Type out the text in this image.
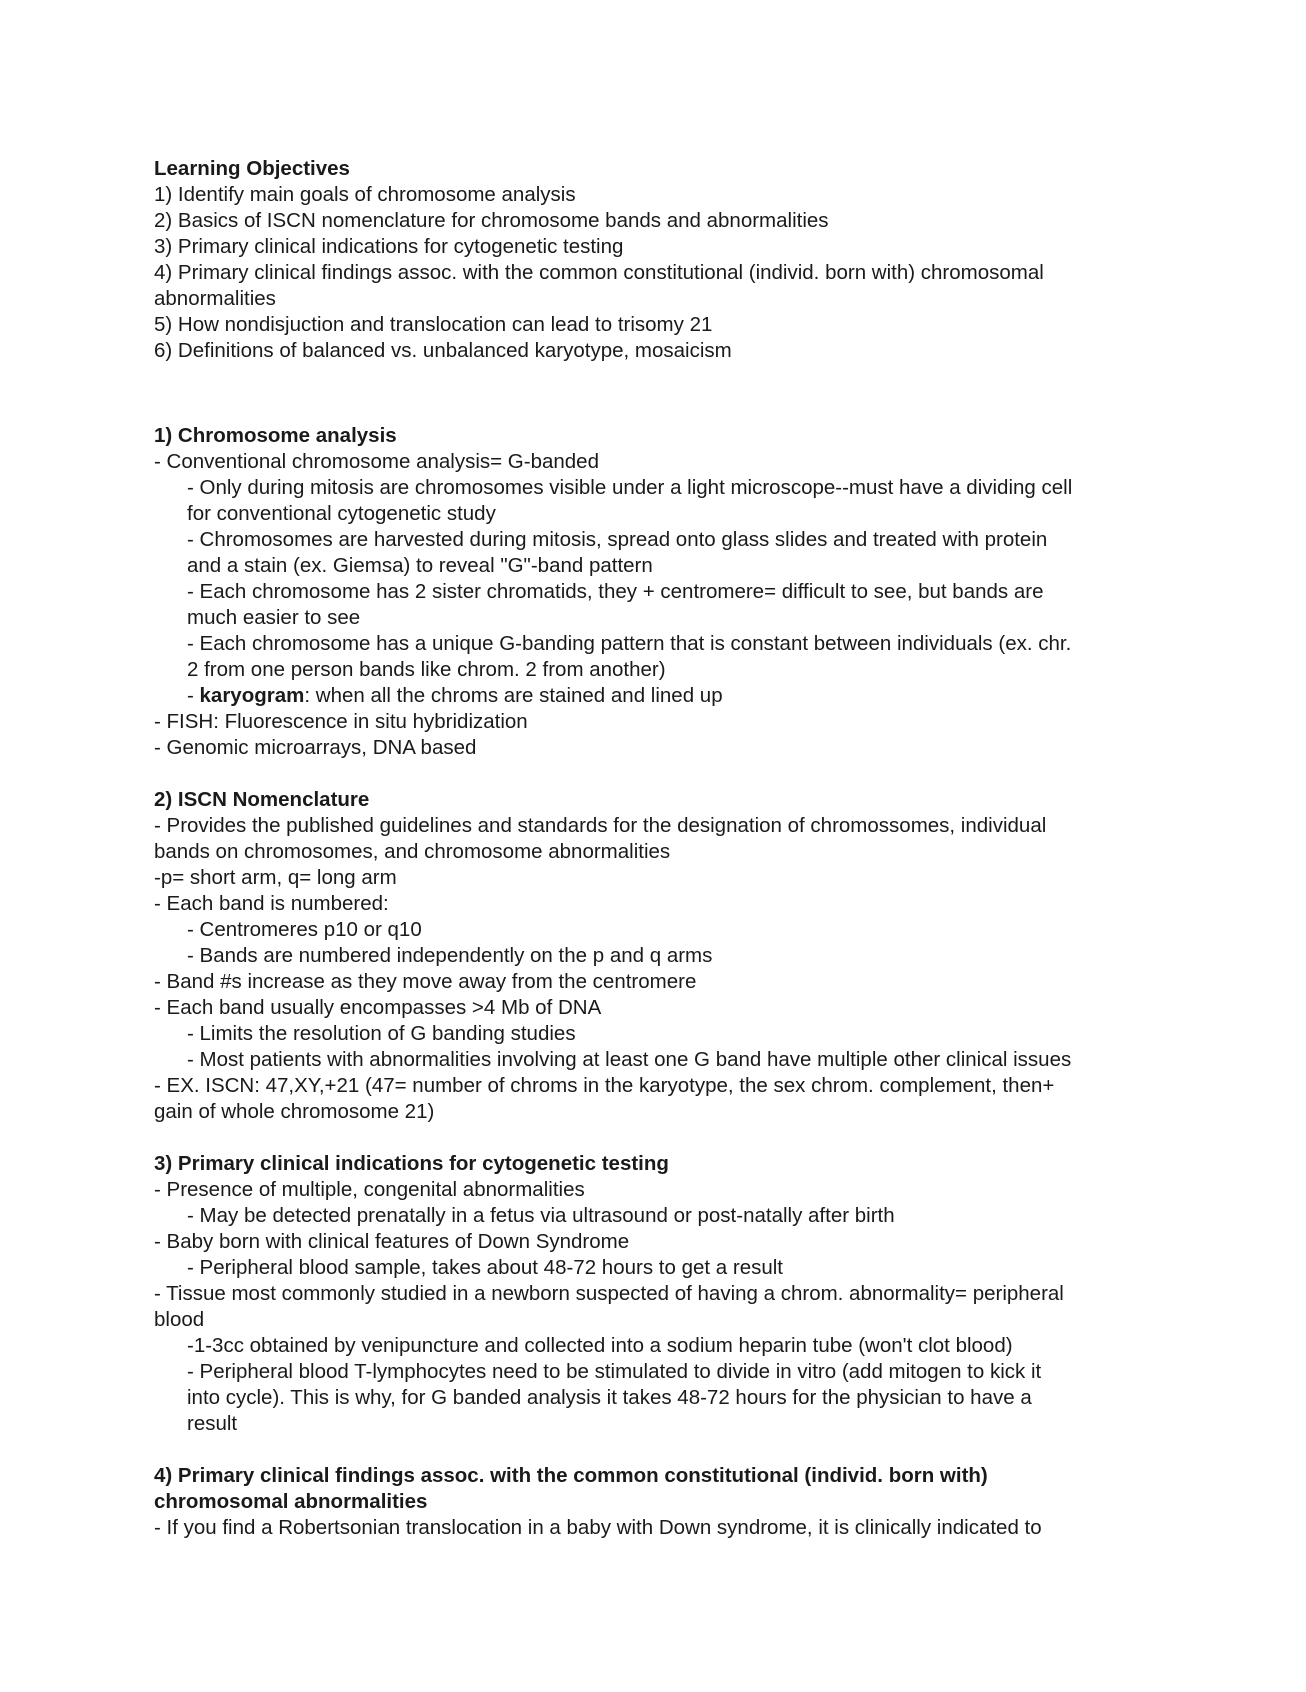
Learning Objectives

1) Identify main goals of chromosome analysis

2) Basics of ISCN nomenclature for chromosome bands and abnormalities

3) Primary clinical indications for cytogenetic testing

4) Primary clinical findings assoc. with the common constitutional (individ. born with) chromosomal

abnormalities

5) How nondisjuction and translocation can lead to trisomy 21

6) Definitions of balanced vs. unbalanced karyotype, mosaicism

1) Chromosome analysis

- Conventional chromosome analysis= G-banded

- Only during mitosis are chromosomes visible under a light microscope--must have a dividing cell

for conventional cytogenetic study

- Chromosomes are harvested during mitosis, spread onto glass slides and treated with protein

and a stain (ex. Giemsa) to reveal "G"-band pattern

- Each chromosome has 2 sister chromatids, they + centromere= difficult to see, but bands are

much easier to see

- Each chromosome has a unique G-banding pattern that is constant between individuals (ex. chr.

2 from one person bands like chrom. 2 from another)

- karyogram: when all the chroms are stained and lined up

- FISH: Fluorescence in situ hybridization

- Genomic microarrays, DNA based

2) ISCN Nomenclature

- Provides the published guidelines and standards for the designation of chromossomes, individual

bands on chromosomes, and chromosome abnormalities

-p= short arm, q= long arm

- Each band is numbered:

- Centromeres p10 or q10

- Bands are numbered independently on the p and q arms

- Band #s increase as they move away from the centromere

- Each band usually encompasses >4 Mb of DNA

- Limits the resolution of G banding studies

- Most patients with abnormalities involving at least one G band have multiple other clinical issues

- EX. ISCN: 47,XY,+21 (47= number of chroms in the karyotype, the sex chrom. complement, then+

gain of whole chromosome 21)

3) Primary clinical indications for cytogenetic testing

- Presence of multiple, congenital abnormalities

- May be detected prenatally in a fetus via ultrasound or post-natally after birth

- Baby born with clinical features of Down Syndrome

- Peripheral blood sample, takes about 48-72 hours to get a result

- Tissue most commonly studied in a newborn suspected of having a chrom. abnormality= peripheral

blood

-1-3cc obtained by venipuncture and collected into a sodium heparin tube (won't clot blood)

- Peripheral blood T-lymphocytes need to be stimulated to divide in vitro (add mitogen to kick it

into cycle). This is why, for G banded analysis it takes 48-72 hours for the physician to have a

result

4) Primary clinical findings assoc. with the common constitutional (individ. born with)

chromosomal abnormalities

- If you find a Robertsonian translocation in a baby with Down syndrome, it is clinically indicated to
